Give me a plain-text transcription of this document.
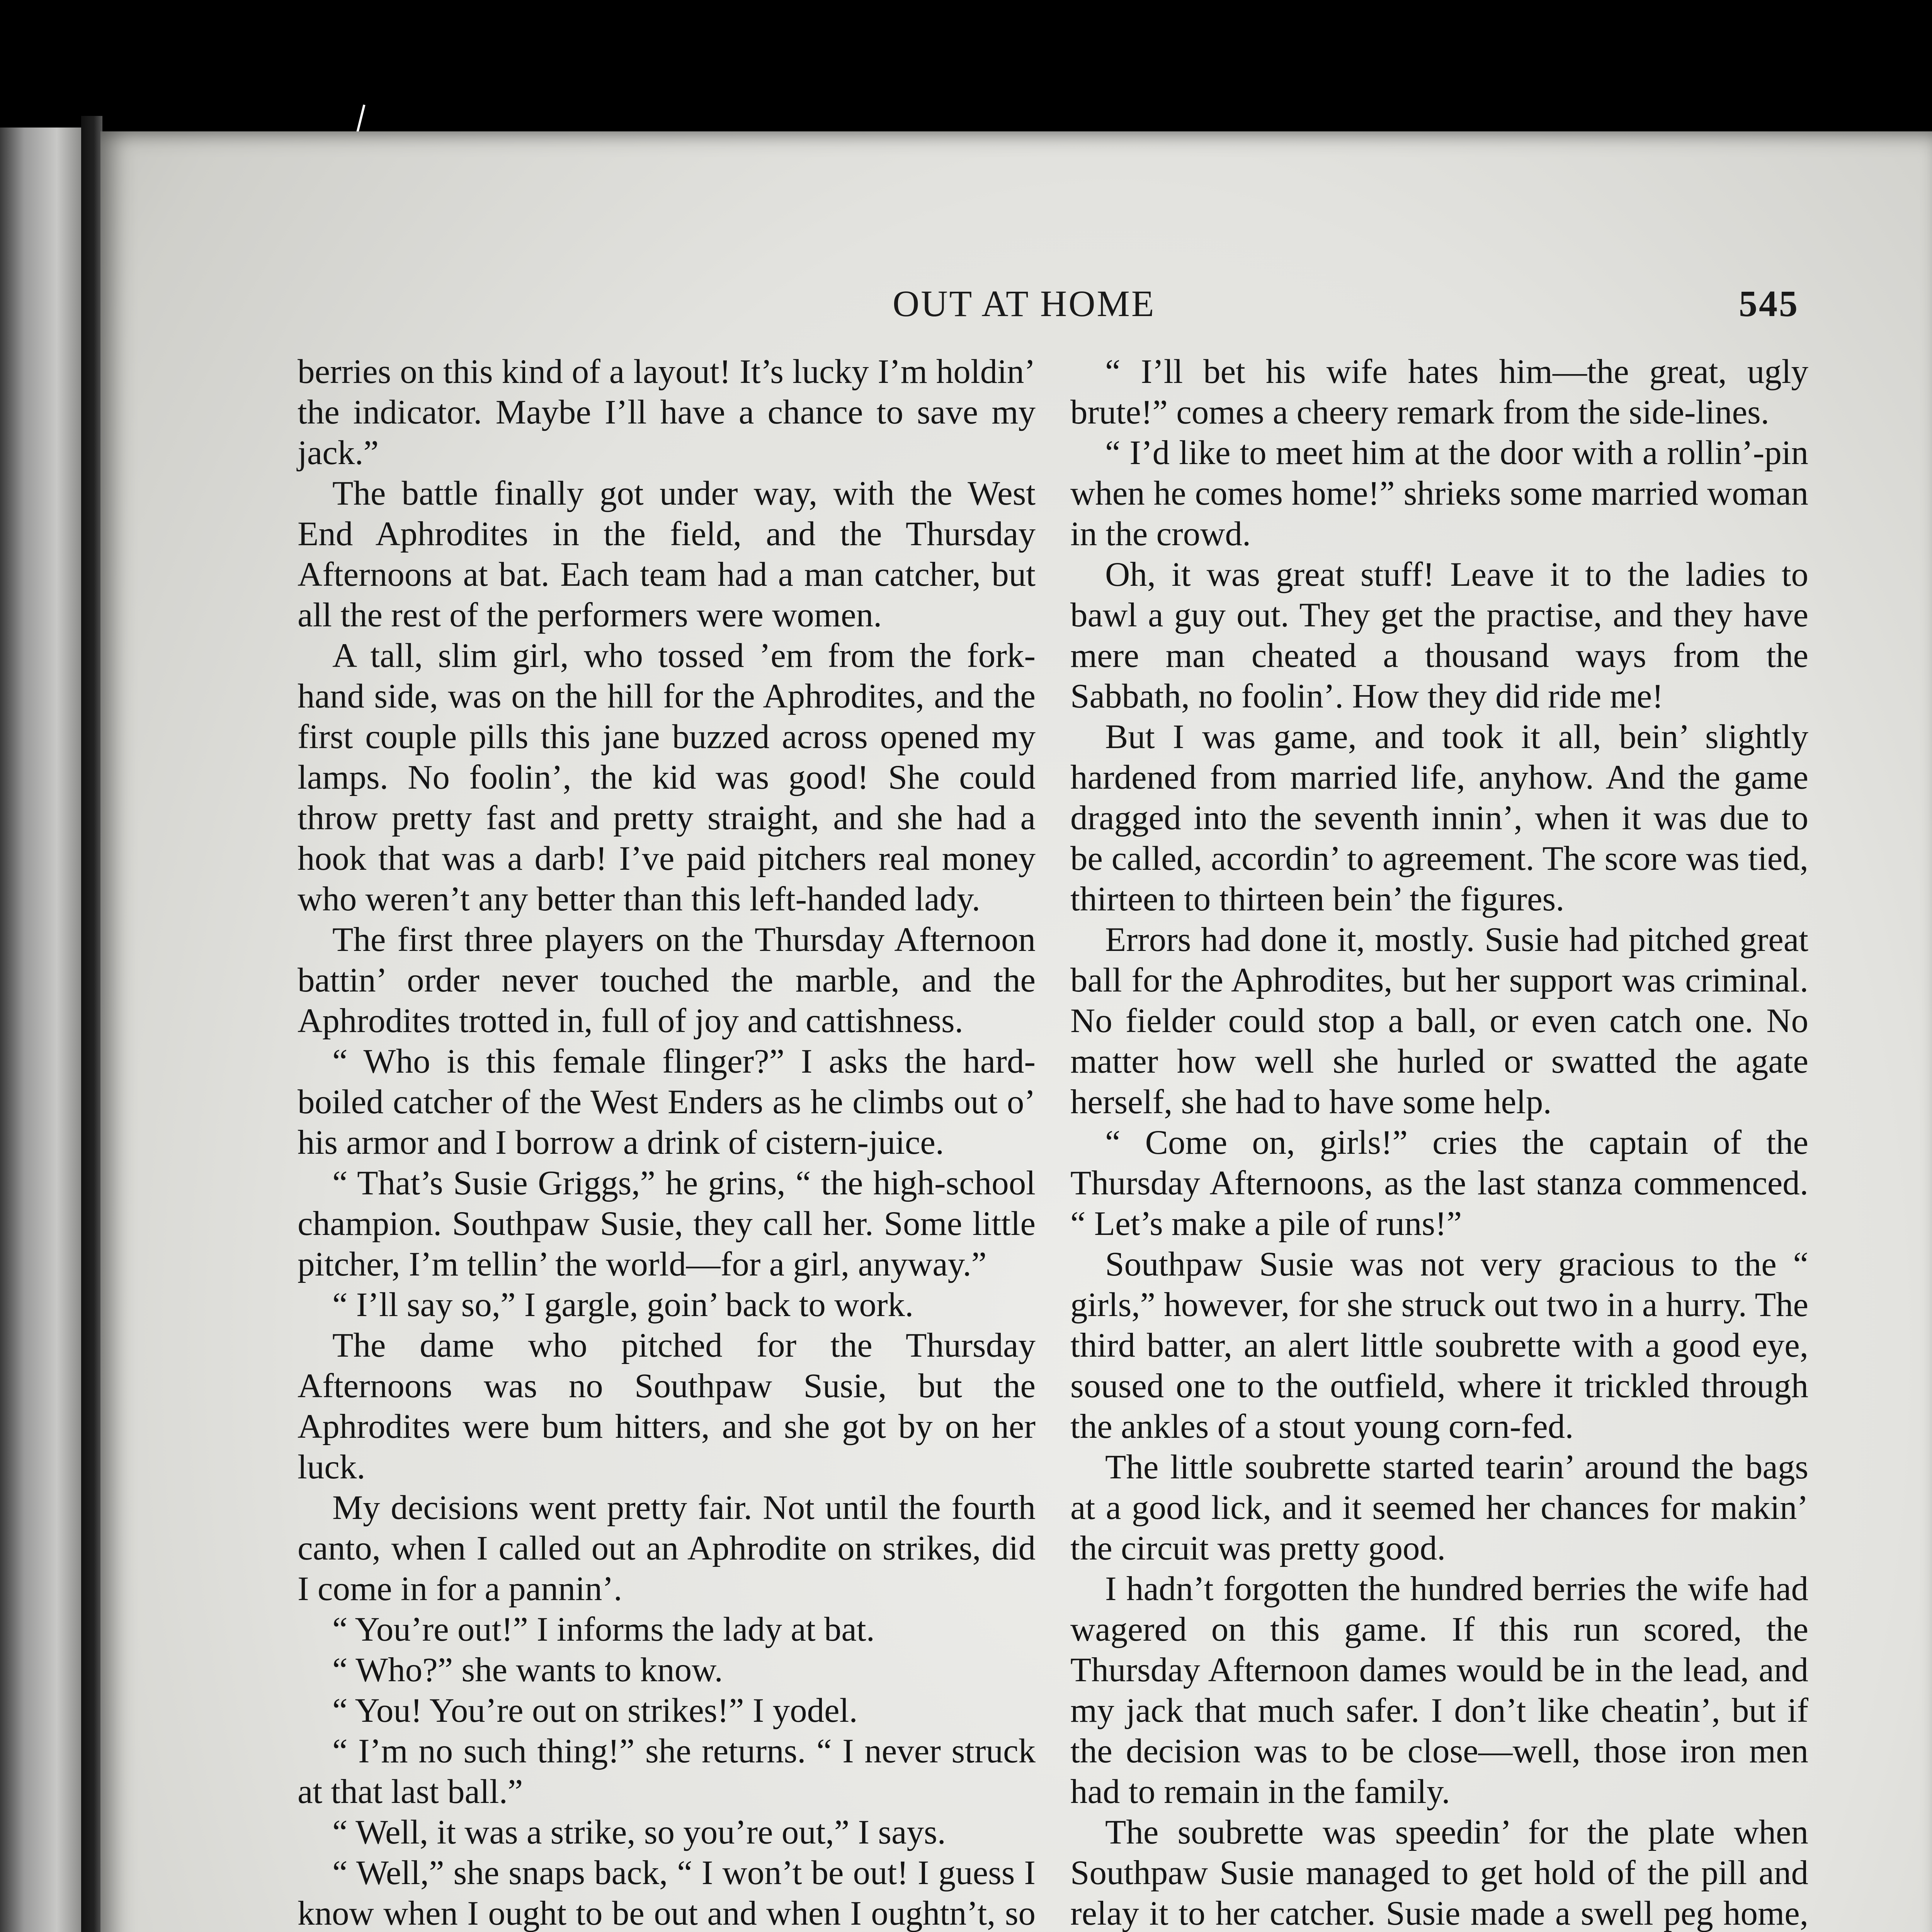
OUT AT HOME	545

berries on this kind of a layout! It’s lucky I’m holdin’ the indicator. Maybe I’ll have a chance to save my jack.”

The battle finally got under way, with the West End Aphrodites in the field, and the Thursday Afternoons at bat. Each team had a man catcher, but all the rest of the performers were women.

A tall, slim girl, who tossed ’em from the fork-hand side, was on the hill for the Aphrodites, and the first couple pills this jane buzzed across opened my lamps. No foolin’, the kid was good! She could throw pretty fast and pretty straight, and she had a hook that was a darb! I’ve paid pitchers real money who weren’t any better than this left-handed lady.

The first three players on the Thursday Afternoon battin’ order never touched the marble, and the Aphrodites trotted in, full of joy and cattishness.

“ Who is this female flinger?” I asks the hard-boiled catcher of the West Enders as he climbs out o’ his armor and I borrow a drink of cistern-juice.

“ That’s Susie Griggs,” he grins, “ the high-school champion. Southpaw Susie, they call her. Some little pitcher, I’m tellin’ the world—for a girl, anyway.”

“ I’ll say so,” I gargle, goin’ back to work.

The dame who pitched for the Thursday Afternoons was no Southpaw Susie, but the Aphrodites were bum hitters, and she got by on her luck.

My decisions went pretty fair. Not until the fourth canto, when I called out an Aphrodite on strikes, did I come in for a pannin’.

“ You’re out!” I informs the lady at bat.

“ Who?” she wants to know.

“ You! You’re out on strikes!” I yodel.

“ I’m no such thing!” she returns. “ I never struck at that last ball.”

“ Well, it was a strike, so you’re out,” I says.

“ Well,” she snaps back, “ I won’t be out! I guess I know when I ought to be out and when I oughtn’t, so

“ I’ll bet his wife hates him—the great, ugly brute!” comes a cheery remark from the side-lines.

“ I’d like to meet him at the door with a rollin’-pin when he comes home!” shrieks some married woman in the crowd.

Oh, it was great stuff! Leave it to the ladies to bawl a guy out. They get the practise, and they have mere man cheated a thousand ways from the Sabbath, no foolin’. How they did ride me!

But I was game, and took it all, bein’ slightly hardened from married life, anyhow. And the game dragged into the seventh innin’, when it was due to be called, accordin’ to agreement. The score was tied, thirteen to thirteen bein’ the figures.

Errors had done it, mostly. Susie had pitched great ball for the Aphrodites, but her support was criminal. No fielder could stop a ball, or even catch one. No matter how well she hurled or swatted the agate herself, she had to have some help.

“ Come on, girls!” cries the captain of the Thursday Afternoons, as the last stanza commenced. “ Let’s make a pile of runs!”

Southpaw Susie was not very gracious to the “ girls,” however, for she struck out two in a hurry. The third batter, an alert little soubrette with a good eye, soused one to the outfield, where it trickled through the ankles of a stout young corn-fed.

The little soubrette started tearin’ around the bags at a good lick, and it seemed her chances for makin’ the circuit was pretty good.

I hadn’t forgotten the hundred berries the wife had wagered on this game. If this run scored, the Thursday Afternoon dames would be in the lead, and my jack that much safer. I don’t like cheatin’, but if the decision was to be close—well, those iron men had to remain in the family.

The soubrette was speedin’ for the plate when Southpaw Susie managed to get hold of the pill and relay it to her catcher. Susie made a swell peg home,
